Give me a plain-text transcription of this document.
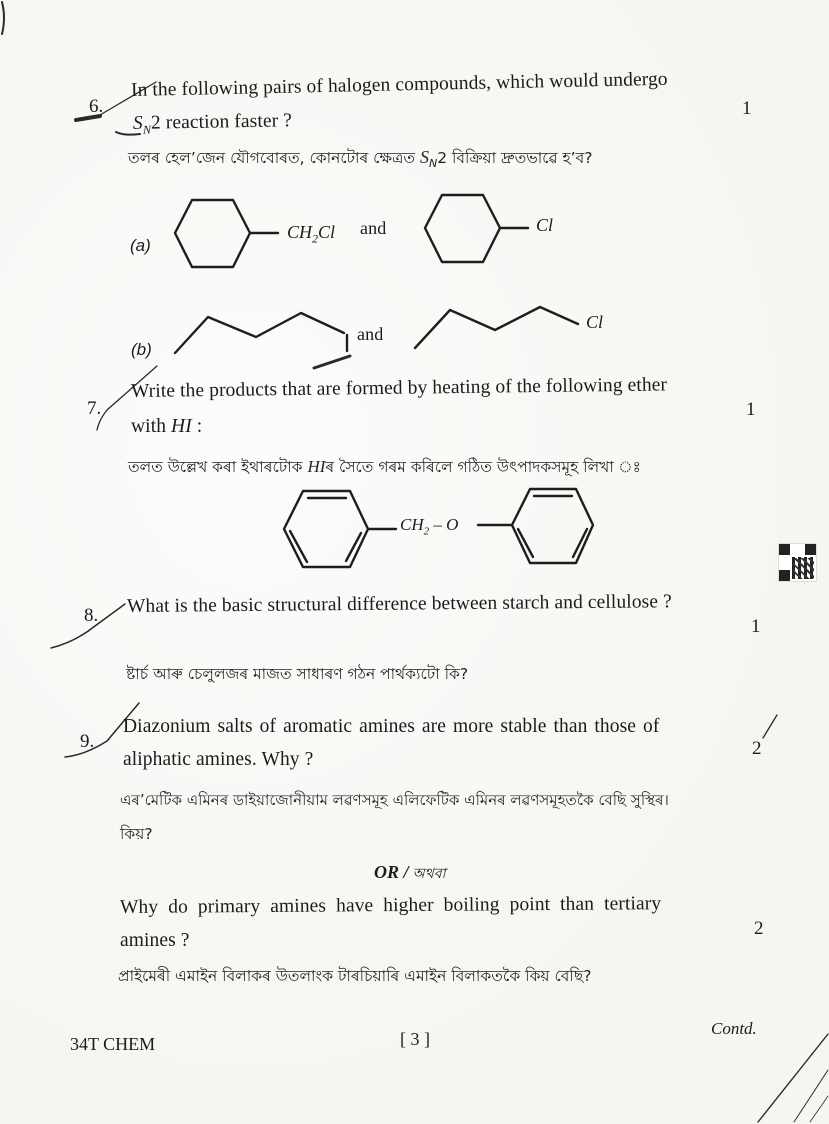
6.
In the following pairs of halogen compounds, which would undergo
1
$S_N2$ reaction faster ?
তলৰ হেল’জেন যৌগবোৰত, কোনটোৰ ক্ষেত্ৰত $S_N2$ বিক্ৰিয়া দ্ৰুতভাৱে হ’ব?
(a)
$CH_2Cl$ and	Cl
(b)
and
Cl
7.
Write the products that are formed by heating of the following ether
1
with HI :
তলত উল্লেখ কৰা ইথাৰটোক HIৰ সৈতে গৰম কৰিলে গঠিত উৎপাদকসমূহ লিখা ঃ
$CH_2$ – O
8. What is the basic structural difference between starch and cellulose ?
1
ষ্টাৰ্চ আৰু চেলুলজৰ মাজত সাধাৰণ গঠন পাৰ্থক্যটো কি?
9.
Diazonium salts of aromatic amines are more stable than those of
2
aliphatic amines. Why ?
এৰ’মেটিক এমিনৰ ডাইয়াজোনীয়াম লৱণসমূহ এলিফেটিক এমিনৰ লৱণসমূহতকৈ বেছি সুস্থিৰ।
কিয়?
OR / অথবা
Why do primary amines have higher boiling point than tertiary
2
amines ?
প্ৰাইমেৰী এমাইন বিলাকৰ উতলাংক টাৰচিয়াৰি এমাইন বিলাকতকৈ কিয় বেছি?
34T CHEM	[ 3 ]
Contd.
